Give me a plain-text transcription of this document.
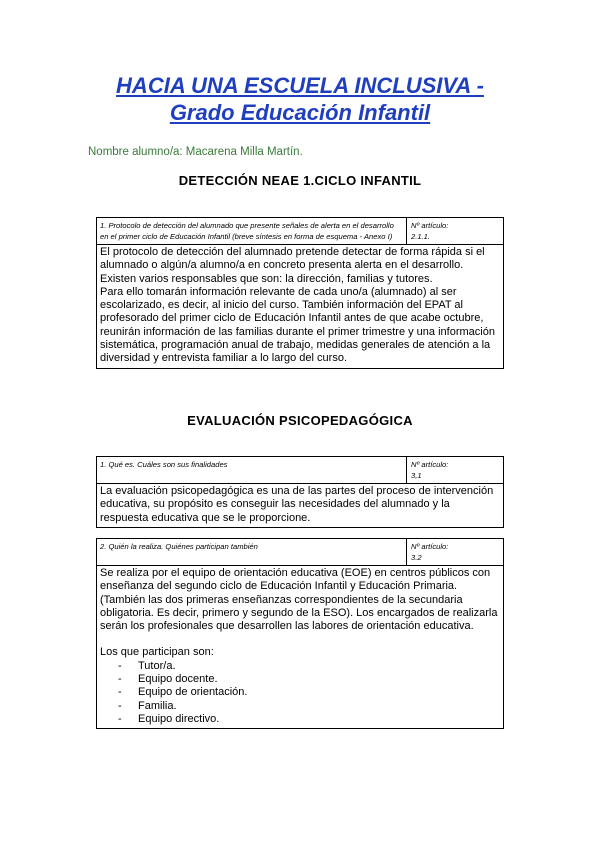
HACIA UNA ESCUELA INCLUSIVA -
Grado Educación Infantil
Nombre alumno/a: Macarena Milla Martín.
DETECCIÓN NEAE 1.CICLO INFANTIL
1. Protocolo de detección del alumnado que presente señales de alerta en el desarrollo en el primer ciclo de Educación Infantil (breve síntesis en forma de esquema - Anexo I)
Nº artículo:
2.1.1.

El protocolo de detección del alumnado pretende detectar de forma rápida si el alumnado o algún/a alumno/a en concreto presenta alerta en el desarrollo.

Existen varios responsables que son: la dirección, familias y tutores.

Para ello tomarán información relevante de cada uno/a (alumnado) al ser escolarizado, es decir, al inicio del curso. También información del EPAT al profesorado del primer ciclo de Educación Infantil antes de que acabe octubre, reunirán información de las familias durante el primer trimestre y una información sistemática, programación anual de trabajo, medidas generales de atención a la diversidad y entrevista familiar a lo largo del curso.

EVALUACIÓN PSICOPEDAGÓGICA
1. Qué es. Cuáles son sus finalidades	Nº artículo:
3,1

La evaluación psicopedagógica es una de las partes del proceso de intervención educativa, su propósito es conseguir las necesidades del alumnado y la respuesta educativa que se le proporcione.

2. Quién la realiza. Quiénes participan también	Nº artículo:
3.2

Se realiza por el equipo de orientación educativa (EOE) en centros públicos con enseñanza del segundo ciclo de Educación Infantil y Educación Primaria. (También las dos primeras enseñanzas correspondientes de la secundaria obligatoria. Es decir, primero y segundo de la ESO). Los encargados de realizarla serán los profesionales que desarrollen las labores de orientación educativa.

Los que participan son:

- Tutor/a.
- Equipo docente.
- Equipo de orientación.
- Familia.
- Equipo directivo.
